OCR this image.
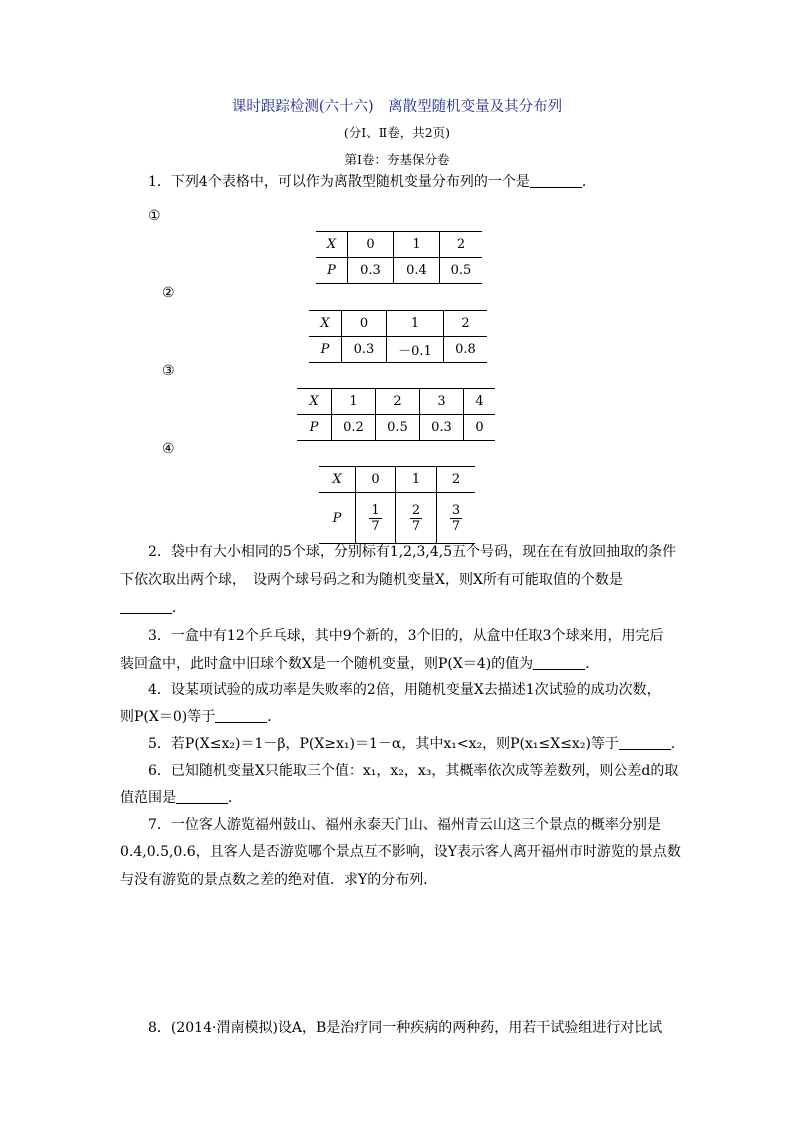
课时跟踪检测(六十六)　离散型随机变量及其分布列
(分Ⅰ、Ⅱ卷，共2页)
第Ⅰ卷：夯基保分卷
1．下列4个表格中，可以作为离散型随机变量分布列的一个是	．
①
X	0	1	2
P	0.3	0.4	0.5
②
X	0	1	2
P	0.3	－0.1	0.8
③
X	1	2	3	4
P	0.2	0.5	0.3	0
④
X	0	1	2
P	$\frac{1}{7}$	$\frac{2}{7}$	$\frac{3}{7}$
2．袋中有大小相同的5个球，分别标有1,2,3,4,5五个号码，现在在有放回抽取的条件
下依次取出两个球，　设两个球号码之和为随机变量X，则X所有可能取值的个数是
．
3．一盒中有12个乒乓球，其中9个新的，3个旧的，从盒中任取3个球来用，用完后
装回盒中，此时盒中旧球个数X是一个随机变量，则P(X＝4)的值为	．
4．设某项试验的成功率是失败率的2倍，用随机变量X去描述1次试验的成功次数，
则P(X＝0)等于	．
5．若P(X≤x₂)＝1－β，P(X≥x₁)＝1－α，其中x₁<x₂，则P(x₁≤X≤x₂)等于	．
6．已知随机变量X只能取三个值：x₁，x₂，x₃，其概率依次成等差数列，则公差d的取
值范围是	．
7．一位客人游览福州鼓山、福州永泰天门山、福州青云山这三个景点的概率分别是
0.4,0.5,0.6，且客人是否游览哪个景点互不影响，设Y表示客人离开福州市时游览的景点数
与没有游览的景点数之差的绝对值．求Y的分布列．
8．(2014·渭南模拟)设A，B是治疗同一种疾病的两种药，用若干试验组进行对比试
